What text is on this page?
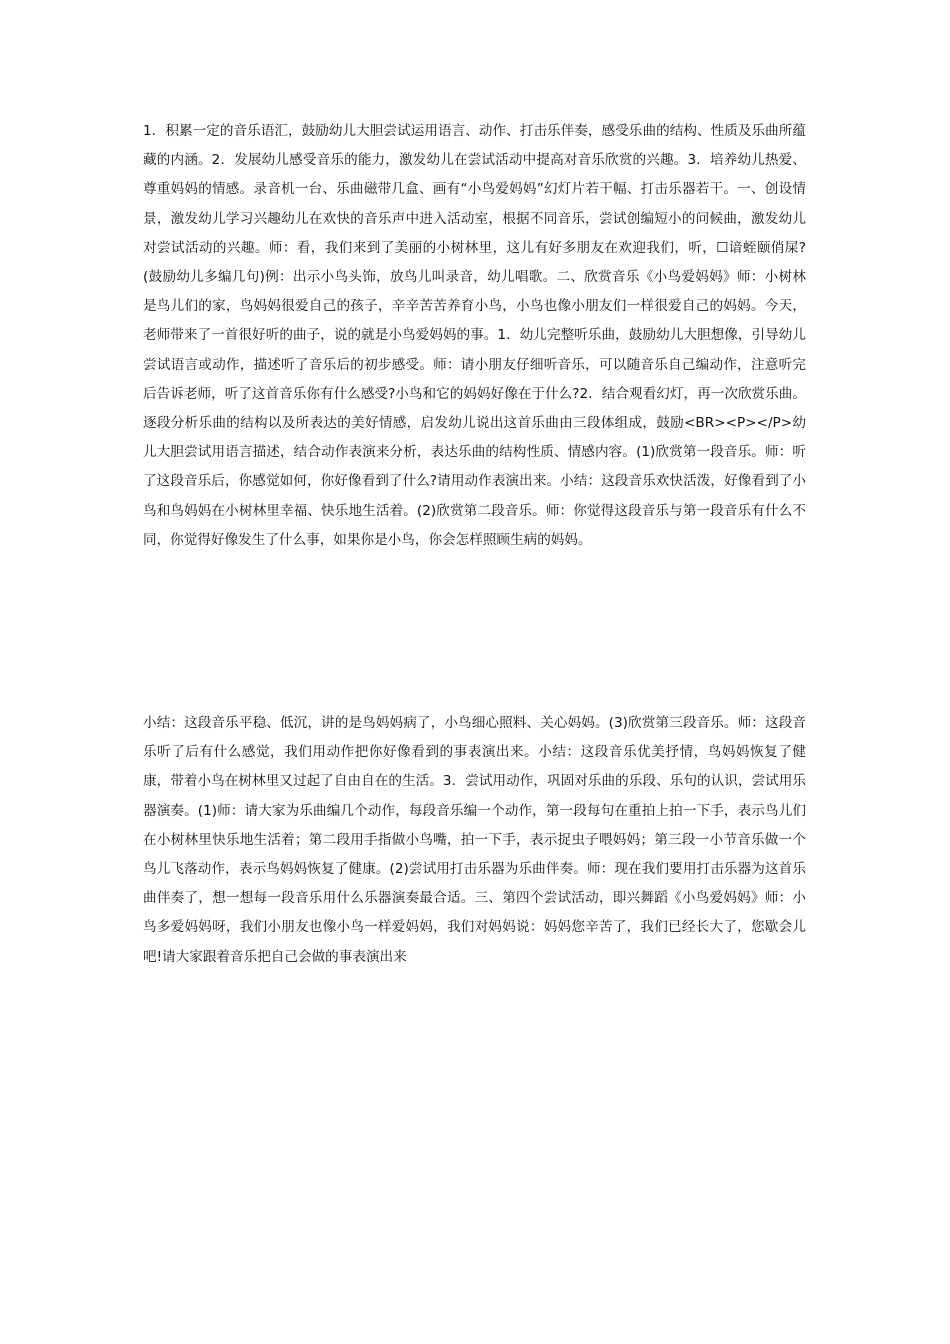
1．积累一定的音乐语汇，鼓励幼儿大胆尝试运用语言、动作、打击乐伴奏，感受乐曲的结构、性质及乐曲所蕴藏的内涵。2．发展幼儿感受音乐的能力，激发幼儿在尝试活动中提高对音乐欣赏的兴趣。3．培养幼儿热爱、尊重妈妈的情感。录音机一台、乐曲磁带几盒、画有“小鸟爱妈妈”幻灯片若干幅、打击乐器若干。一、创设情景，激发幼儿学习兴趣幼儿在欢快的音乐声中进入活动室，根据不同音乐，尝试创编短小的问候曲，激发幼儿对尝试活动的兴趣。师：看，我们来到了美丽的小树林里，这儿有好多朋友在欢迎我们，听，☐谙蛭颐俏屎?(鼓励幼儿多编几句)例：出示小鸟头饰，放鸟儿叫录音，幼儿唱歌。二、欣赏音乐《小鸟爱妈妈》师：小树林是鸟儿们的家，鸟妈妈很爱自己的孩子，辛辛苦苦养育小鸟，小鸟也像小朋友们一样很爱自己的妈妈。今天，老师带来了一首很好听的曲子，说的就是小鸟爱妈妈的事。1．幼儿完整听乐曲，鼓励幼儿大胆想像，引导幼儿尝试语言或动作，描述听了音乐后的初步感受。师：请小朋友仔细听音乐，可以随音乐自己编动作，注意听完后告诉老师，听了这首音乐你有什么感受?小鸟和它的妈妈好像在于什么?2．结合观看幻灯，再一次欣赏乐曲。逐段分析乐曲的结构以及所表达的美好情感，启发幼儿说出这首乐曲由三段体组成，鼓励<BR><P></P>幼儿大胆尝试用语言描述，结合动作表演来分析，表达乐曲的结构性质、情感内容。(1)欣赏第一段音乐。师：听了这段音乐后，你感觉如何，你好像看到了什么?请用动作表演出来。小结：这段音乐欢快活泼，好像看到了小鸟和鸟妈妈在小树林里幸福、快乐地生活着。(2)欣赏第二段音乐。师：你觉得这段音乐与第一段音乐有什么不同，你觉得好像发生了什么事，如果你是小鸟，你会怎样照顾生病的妈妈。

小结：这段音乐平稳、低沉，讲的是鸟妈妈病了，小鸟细心照料、关心妈妈。(3)欣赏第三段音乐。师：这段音乐听了后有什么感觉，我们用动作把你好像看到的事表演出来。小结：这段音乐优美抒情，鸟妈妈恢复了健康，带着小鸟在树林里又过起了自由自在的生活。3．尝试用动作，巩固对乐曲的乐段、乐句的认识，尝试用乐器演奏。(1)师：请大家为乐曲编几个动作，每段音乐编一个动作，第一段每句在重拍上拍一下手，表示鸟儿们在小树林里快乐地生活着；第二段用手指做小鸟嘴，拍一下手，表示捉虫子喂妈妈；第三段一小节音乐做一个鸟儿飞落动作，表示鸟妈妈恢复了健康。(2)尝试用打击乐器为乐曲伴奏。师：现在我们要用打击乐器为这首乐曲伴奏了，想一想每一段音乐用什么乐器演奏最合适。三、第四个尝试活动，即兴舞蹈《小鸟爱妈妈》师：小鸟多爱妈妈呀，我们小朋友也像小鸟一样爱妈妈，我们对妈妈说：妈妈您辛苦了，我们已经长大了，您歇会儿吧!请大家跟着音乐把自己会做的事表演出来
